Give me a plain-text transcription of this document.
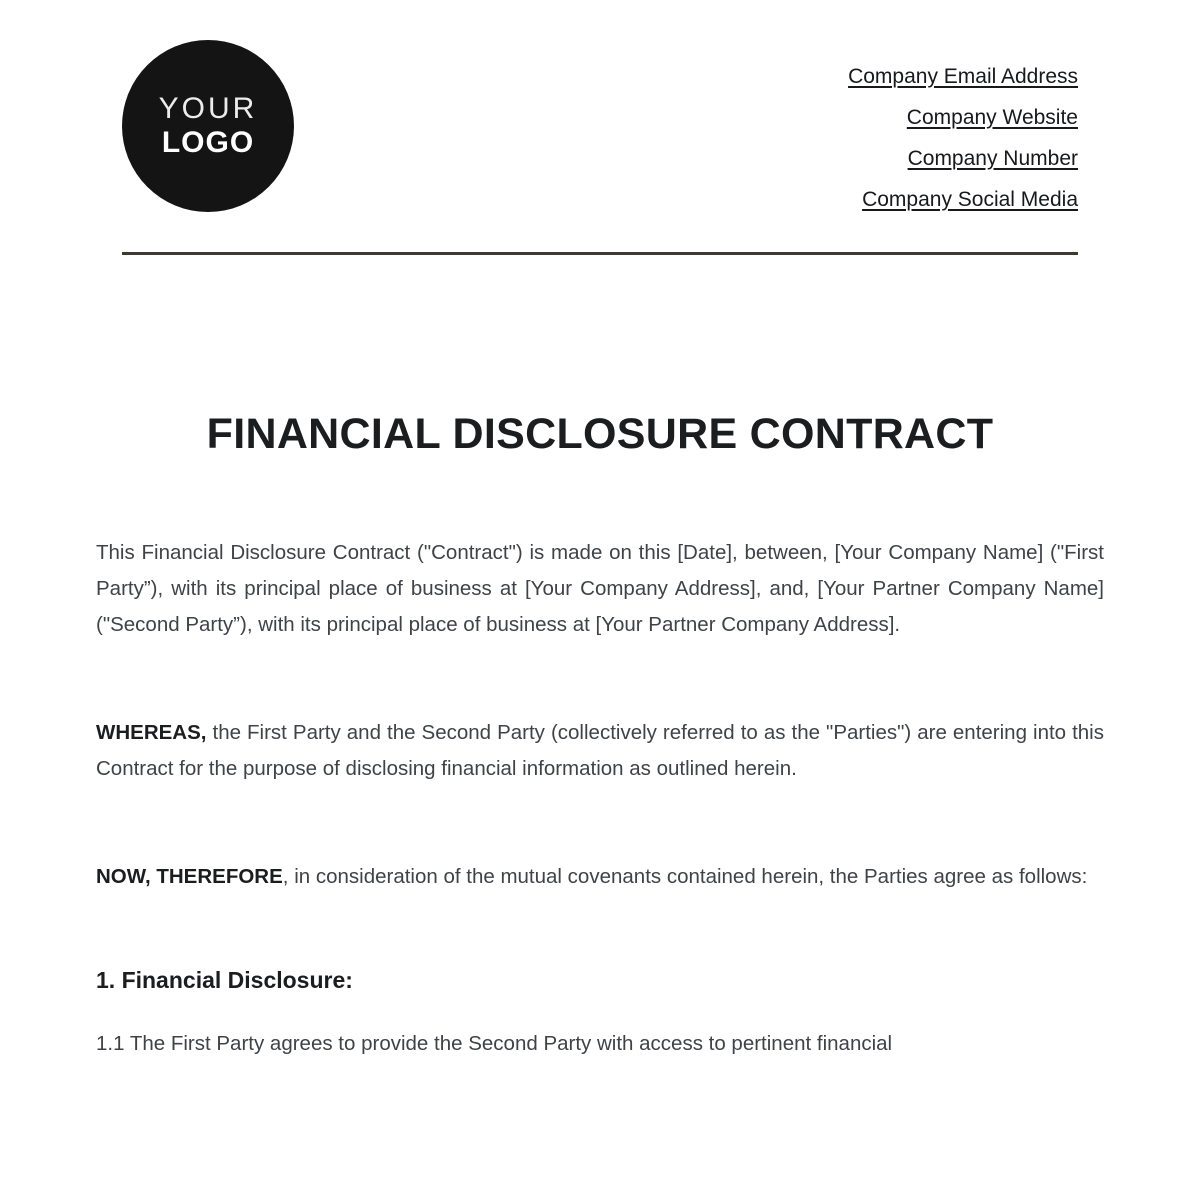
YOUR
LOGO
Company Email Address
Company Website
Company Number
Company Social Media
FINANCIAL DISCLOSURE CONTRACT

This Financial Disclosure Contract ("Contract") is made on this [Date], between, [Your Company Name] ("First Party”), with its principal place of business at [Your Company Address], and, [Your Partner Company Name] ("Second Party”), with its principal place of business at [Your Partner Company Address].

WHEREAS, the First Party and the Second Party (collectively referred to as the "Parties") are entering into this Contract for the purpose of disclosing financial information as outlined herein.

NOW, THEREFORE, in consideration of the mutual covenants contained herein, the Parties agree as follows:

1. Financial Disclosure:

1.1 The First Party agrees to provide the Second Party with access to pertinent financial
